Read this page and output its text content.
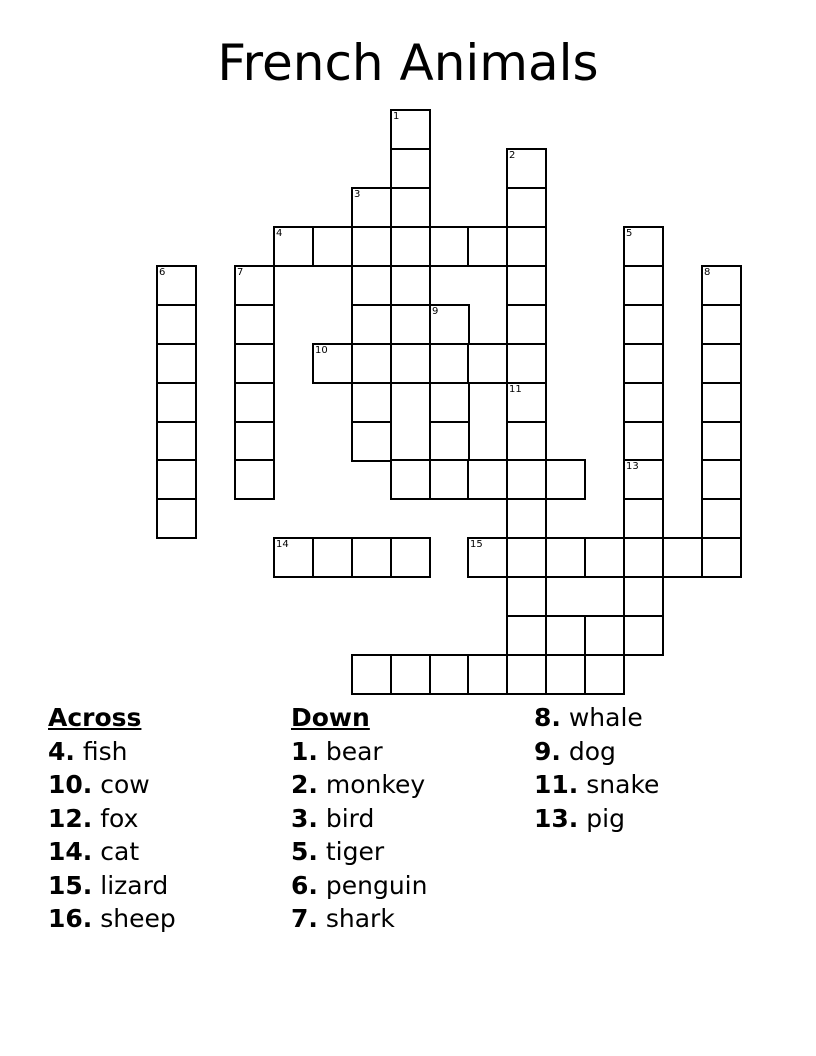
French Animals
1
2
3
4	5
6	7	8
9
10
11
13
14	15
Across
4. fish
10. cow
12. fox
14. cat
15. lizard
16. sheep
Down
1. bear
2. monkey
3. bird
5. tiger
6. penguin
7. shark
8. whale
9. dog
11. snake
13. pig
